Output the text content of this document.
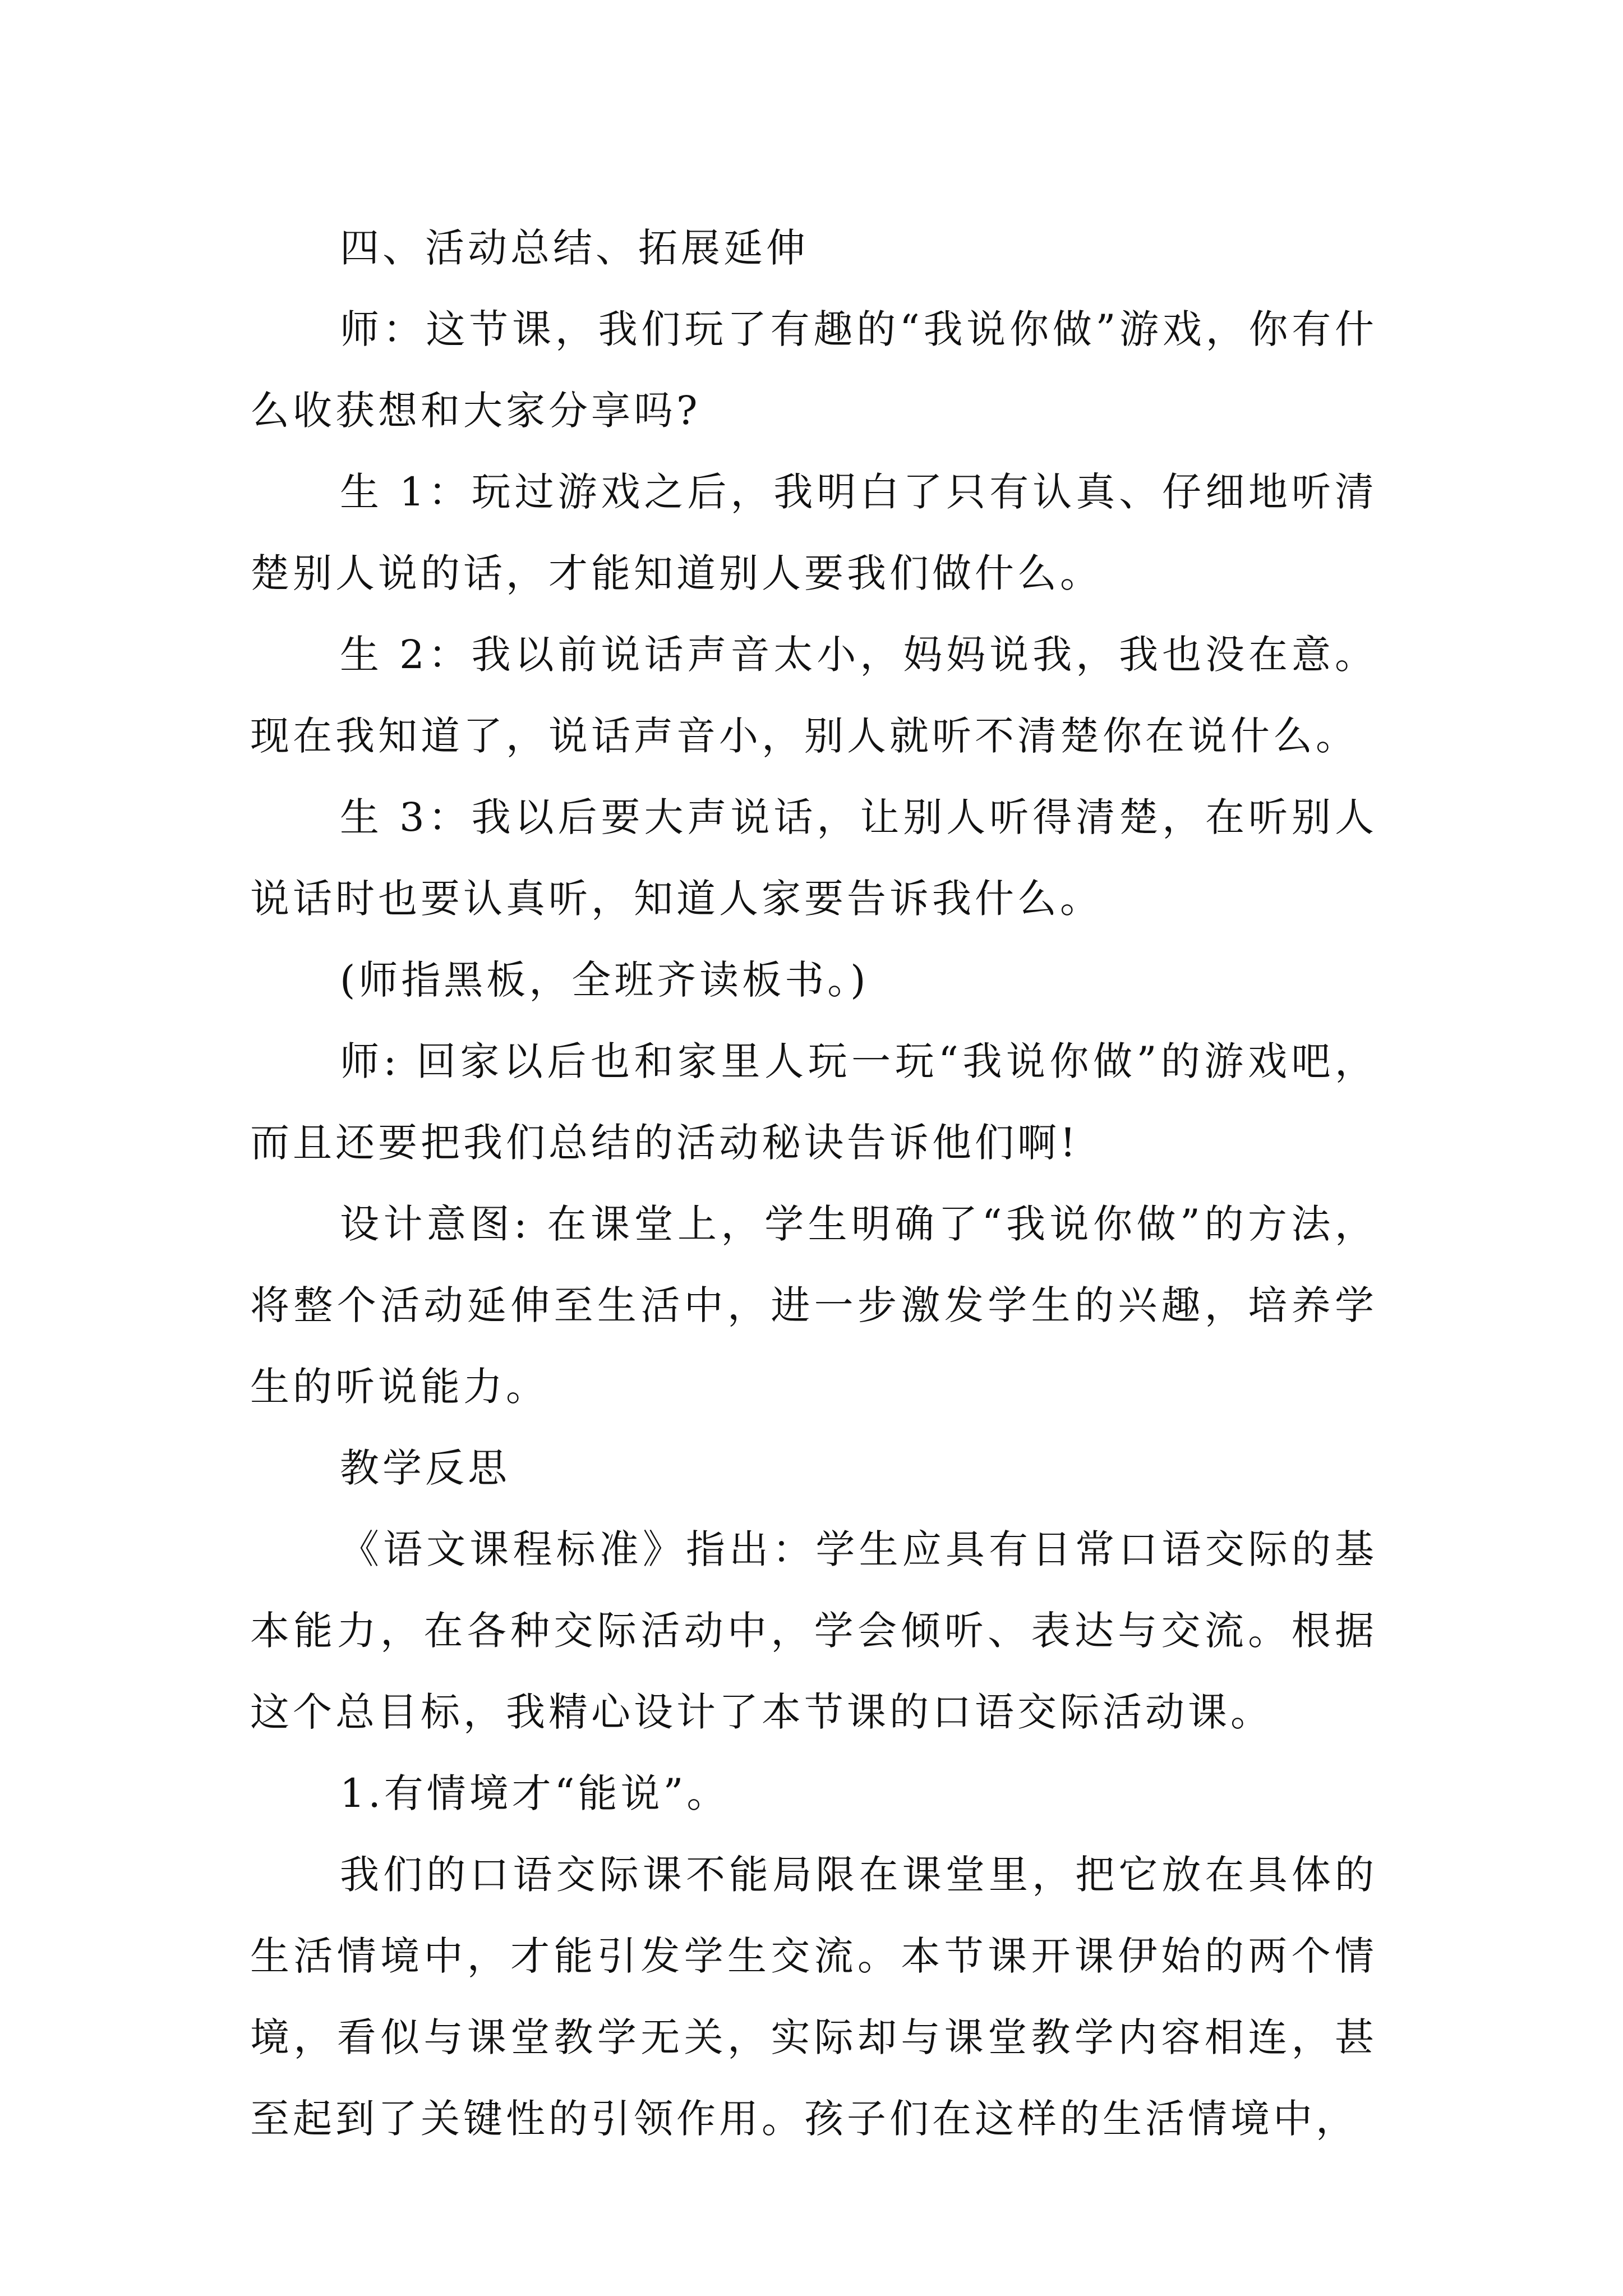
四、活动总结、拓展延伸

师：这节课，我们玩了有趣的“我说你做”游戏，你有什么收获想和大家分享吗?

生 1：玩过游戏之后，我明白了只有认真、仔细地听清楚别人说的话，才能知道别人要我们做什么。

生 2：我以前说话声音太小，妈妈说我，我也没在意。现在我知道了，说话声音小，别人就听不清楚你在说什么。

生 3：我以后要大声说话，让别人听得清楚，在听别人说话时也要认真听，知道人家要告诉我什么。

(师指黑板，全班齐读板书。)

师: 回家以后也和家里人玩一玩“我说你做”的游戏吧，而且还要把我们总结的活动秘诀告诉他们啊!

设计意图: 在课堂上，学生明确了“我说你做”的方法，将整个活动延伸至生活中，进一步激发学生的兴趣，培养学生的听说能力。

教学反思

《语文课程标准》指出：学生应具有日常口语交际的基本能力，在各种交际活动中，学会倾听、表达与交流。根据这个总目标，我精心设计了本节课的口语交际活动课。

1.有情境才“能说”。

我们的口语交际课不能局限在课堂里，把它放在具体的生活情境中，才能引发学生交流。本节课开课伊始的两个情境，看似与课堂教学无关，实际却与课堂教学内容相连，甚至起到了关键性的引领作用。孩子们在这样的生活情境中，
